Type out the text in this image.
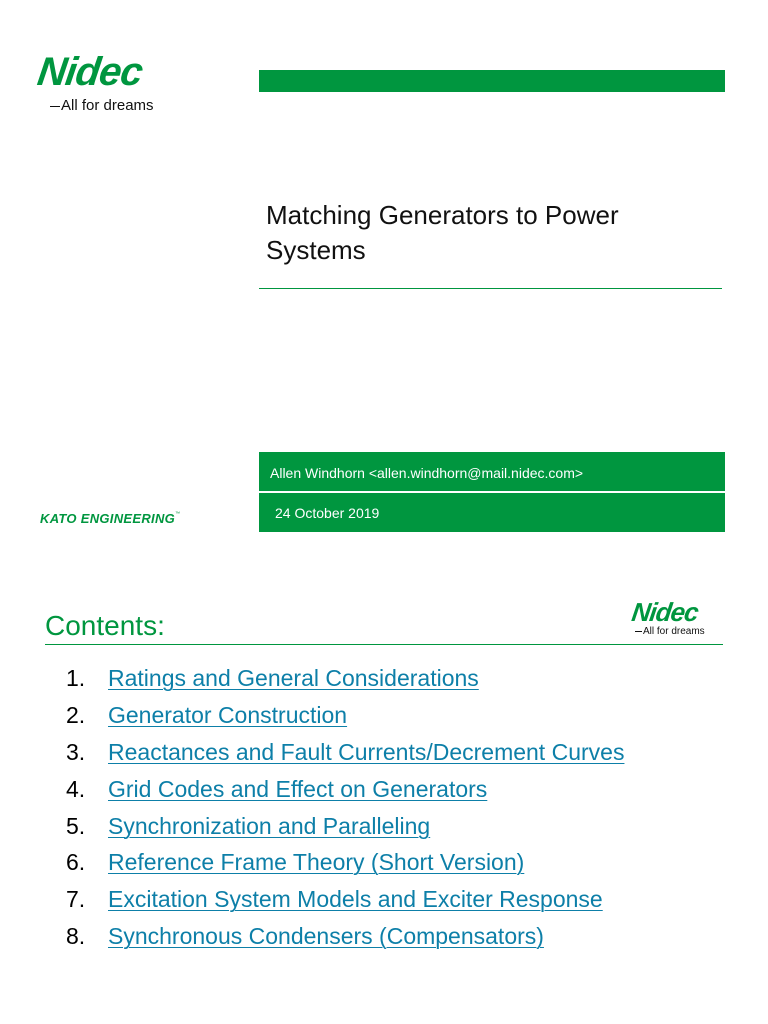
Nidec
All for dreams
Matching Generators to Power Systems
Allen Windhorn <allen.windhorn@mail.nidec.com>
24 October 2019
KATO ENGINEERING™
Contents:	Nidec
All for dreams
1. Ratings and General Considerations
2. Generator Construction
3. Reactances and Fault Currents/Decrement Curves
4. Grid Codes and Effect on Generators
5. Synchronization and Paralleling
6. Reference Frame Theory (Short Version)
7. Excitation System Models and Exciter Response
8. Synchronous Condensers (Compensators)
